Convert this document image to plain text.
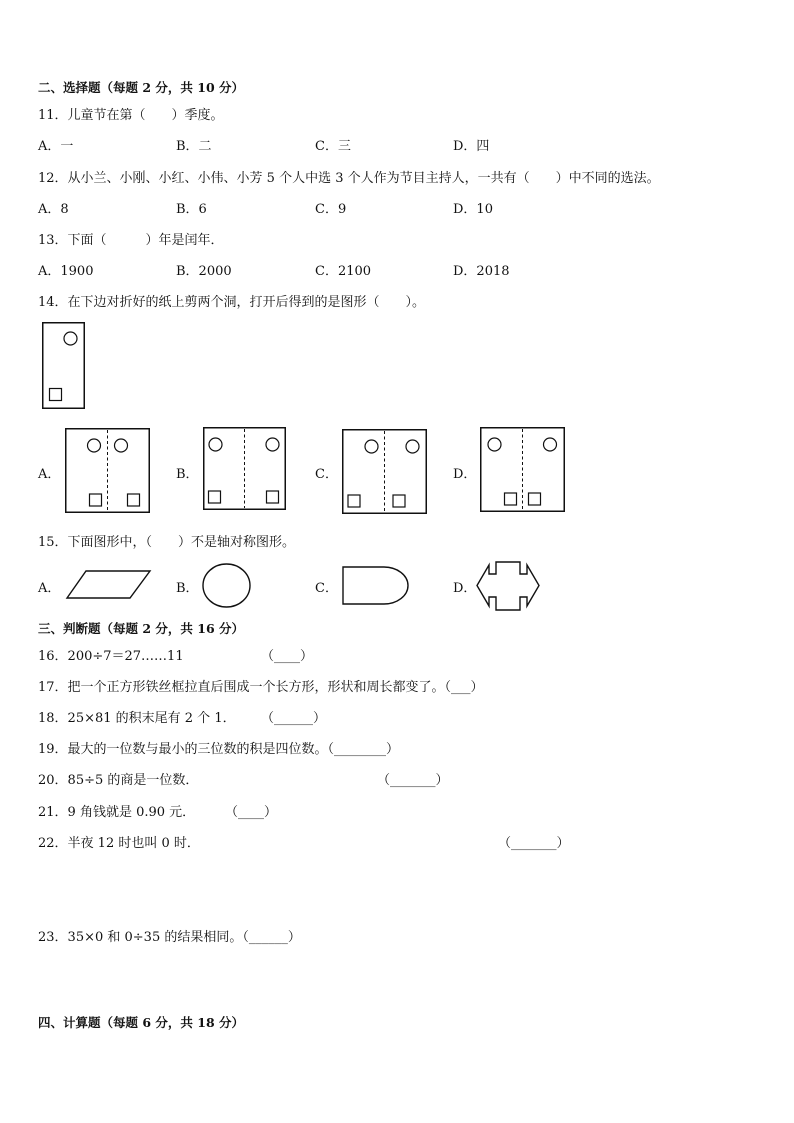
二、选择题（每题 2 分，共 10 分）
11．儿童节在第（　　）季度。
A．一	B．二	C．三	D．四
12．从小兰、小刚、小红、小伟、小芳 5 个人中选 3 个人作为节目主持人，一共有（　　）中不同的选法。
A．8	B．6	C．9	D．10
13．下面（　　　）年是闰年．
A．1900	B．2000	C．2100	D．2018
14．在下边对折好的纸上剪两个洞，打开后得到的是图形（　　）。
A．	B．	C．	D．
15．下面图形中，（　　）不是轴对称图形。
A．	B．	C．	D．
三、判断题（每题 2 分，共 16 分）
16．200÷7＝27……11	（____）
17．把一个正方形铁丝框拉直后围成一个长方形，形状和周长都变了。（___）
18．25×81 的积末尾有 2 个 1． （______）
19．最大的一位数与最小的三位数的积是四位数。（________）
20．85÷5 的商是一位数．	（_______）
21．9 角钱就是 0.90 元． （____）
22．半夜 12 时也叫 0 时．	（_______）
23．35×0 和 0÷35 的结果相同。（______）
四、计算题（每题 6 分，共 18 分）
